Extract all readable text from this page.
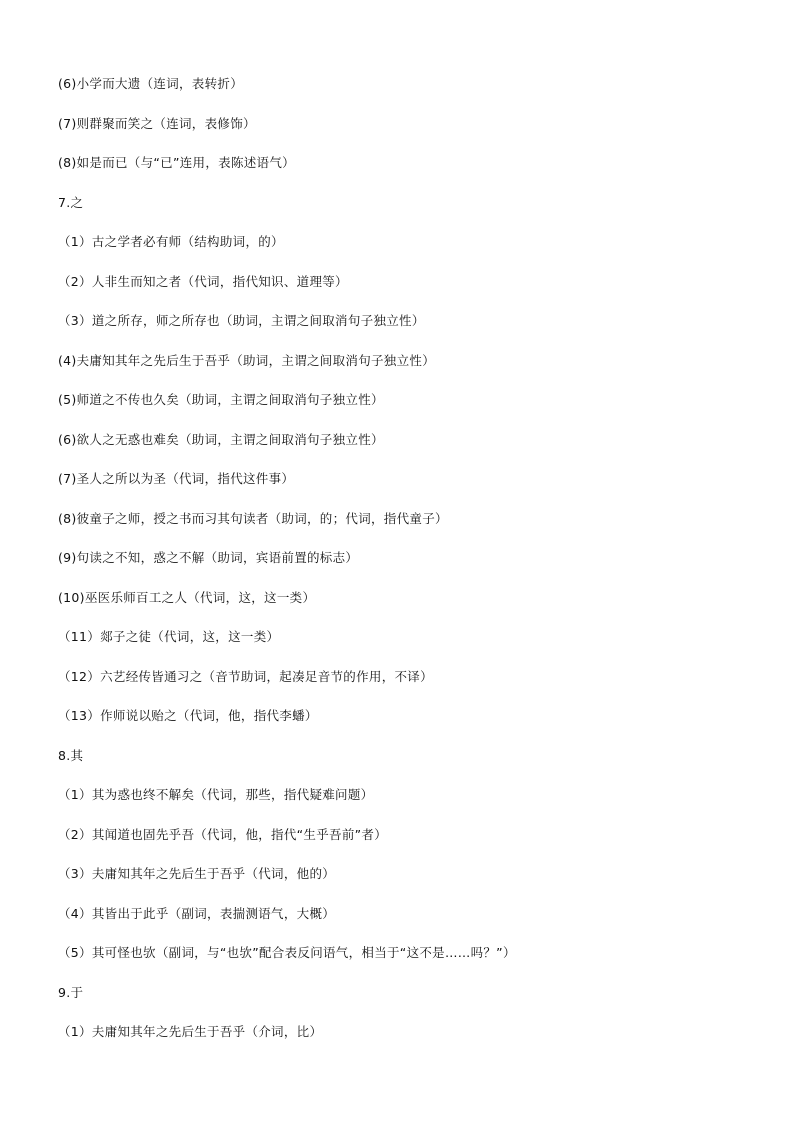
(6)小学而大遗（连词，表转折）
(7)则群聚而笑之（连词，表修饰）
(8)如是而已（与“已”连用，表陈述语气）
7.之
（1）古之学者必有师（结构助词，的）
（2）人非生而知之者（代词，指代知识、道理等）
（3）道之所存，师之所存也（助词，主谓之间取消句子独立性）
(4)夫庸知其年之先后生于吾乎（助词，主谓之间取消句子独立性）
(5)师道之不传也久矣（助词，主谓之间取消句子独立性）
(6)欲人之无惑也难矣（助词，主谓之间取消句子独立性）
(7)圣人之所以为圣（代词，指代这件事）
(8)彼童子之师，授之书而习其句读者（助词，的；代词，指代童子）
(9)句读之不知，惑之不解（助词，宾语前置的标志）
(10)巫医乐师百工之人（代词，这，这一类）
（11）郯子之徒（代词，这，这一类）
（12）六艺经传皆通习之（音节助词，起凑足音节的作用，不译）
（13）作师说以贻之（代词，他，指代李蟠）
8.其
（1）其为惑也终不解矣（代词，那些，指代疑难问题）
（2）其闻道也固先乎吾（代词，他，指代“生乎吾前”者）
（3）夫庸知其年之先后生于吾乎（代词，他的）
（4）其皆出于此乎（副词，表揣测语气，大概）
（5）其可怪也欤（副词，与“也欤”配合表反问语气，相当于“这不是……吗？”）
9.于
（1）夫庸知其年之先后生于吾乎（介词，比）
